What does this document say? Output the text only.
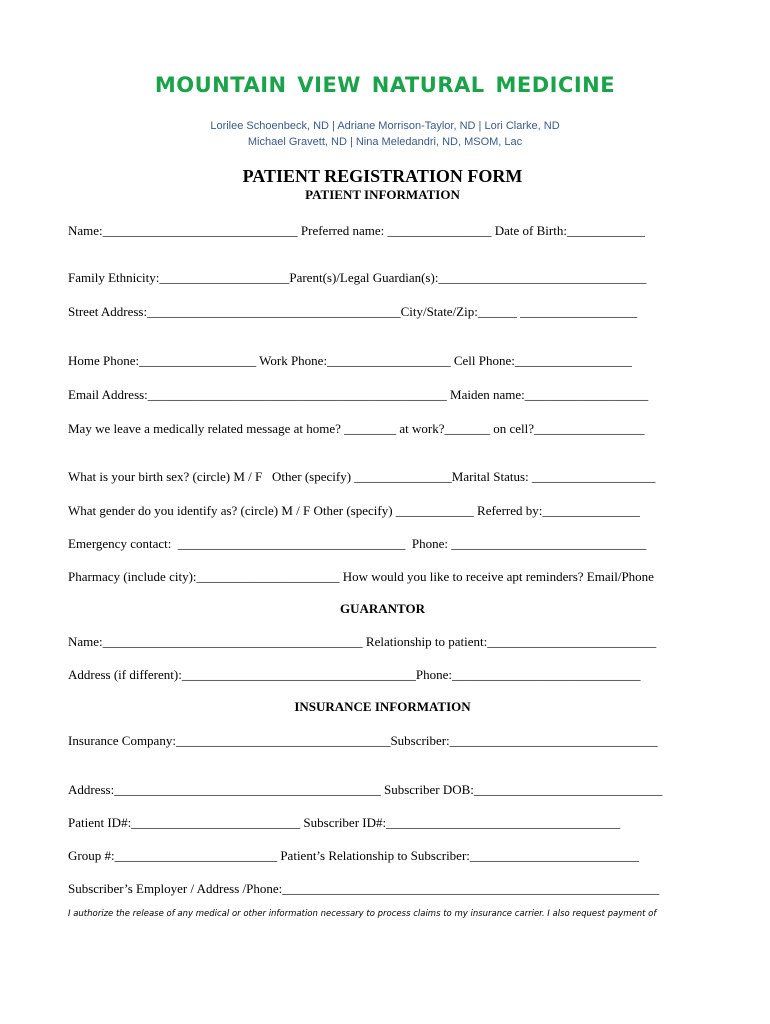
MOUNTAIN VIEW NATURAL MEDICINE
Lorilee Schoenbeck, ND | Adriane Morrison-Taylor, ND | Lori Clarke, ND
Michael Gravett, ND | Nina Meledandri, ND, MSOM, Lac
PATIENT REGISTRATION FORM
PATIENT INFORMATION

Name:______________________________ Preferred name: ________________ Date of Birth:____________

Family Ethnicity:____________________Parent(s)/Legal Guardian(s):________________________________

Street Address:_______________________________________City/State/Zip:______ __________________

Home Phone:__________________ Work Phone:___________________ Cell Phone:__________________

Email Address:______________________________________________ Maiden name:___________________

May we leave a medically related message at home? ________ at work?_______ on cell?_________________

What is your birth sex? (circle) M / F   Other (specify) _______________Marital Status: ___________________

What gender do you identify as? (circle) M / F Other (specify) ____________ Referred by:_______________

Emergency contact:  ___________________________________  Phone: ______________________________

Pharmacy (include city):______________________ How would you like to receive apt reminders? Email/Phone

GUARANTOR

Name:________________________________________ Relationship to patient:__________________________

Address (if different):____________________________________Phone:_____________________________

INSURANCE INFORMATION

Insurance Company:_________________________________Subscriber:________________________________

Address:_________________________________________ Subscriber DOB:_____________________________

Patient ID#:__________________________ Subscriber ID#:____________________________________

Group #:_________________________ Patient’s Relationship to Subscriber:__________________________

Subscriber’s Employer / Address /Phone:__________________________________________________________

I authorize the release of any medical or other information necessary to process claims to my insurance carrier. I also request payment of
